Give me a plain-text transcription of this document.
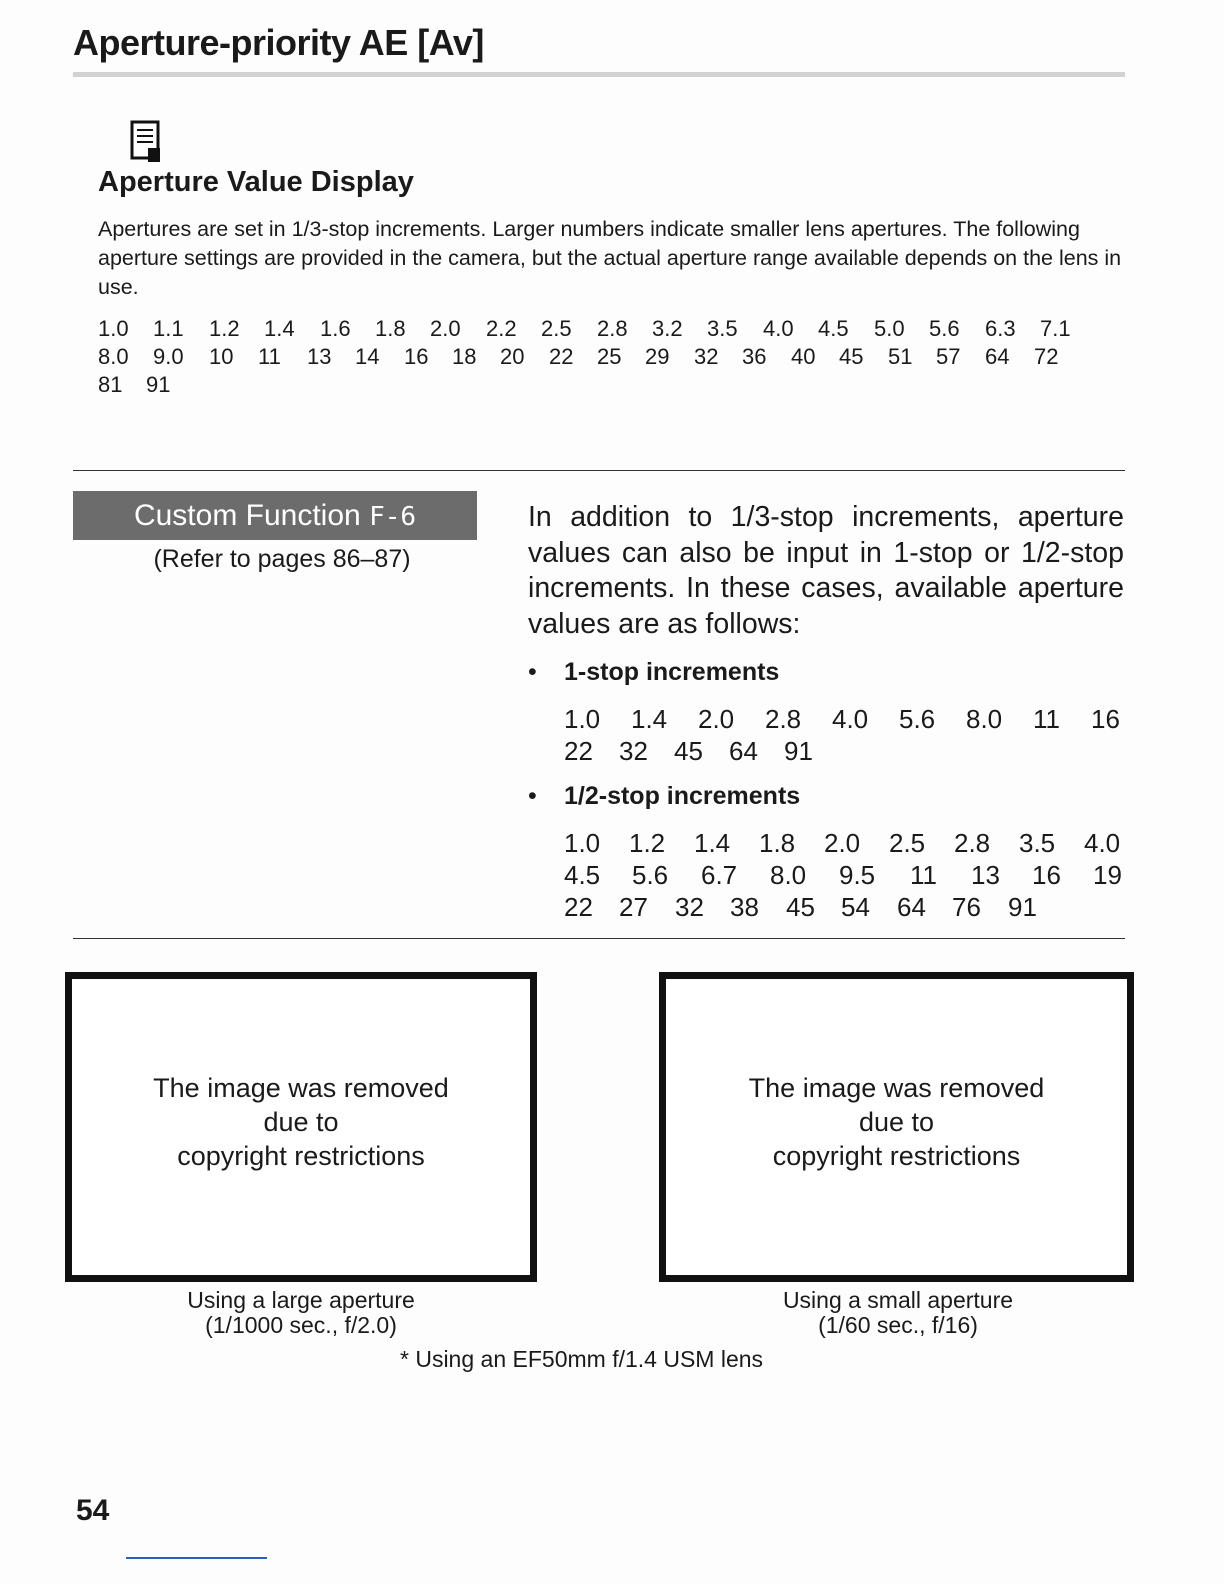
Aperture-priority AE [Av]
Aperture Value Display
Apertures are set in 1/3-stop increments. Larger numbers indicate smaller lens apertures. The following aperture settings are provided in the camera, but the actual aperture range available depends on the lens in use.
1.0 1.1 1.2 1.4 1.6 1.8 2.0 2.2 2.5 2.8 3.2 3.5 4.0 4.5 5.0 5.6 6.3 7.1
8.0 9.0 10 11 13 14 16 18 20 22 25 29 32 36 40 45 51 57 64 72
81 91
Custom Function F-6
(Refer to pages 86–87)
In addition to 1/3-stop increments, aperture values can also be input in 1-stop or 1/2-stop increments. In these cases, available aperture values are as follows:
• 1-stop increments
1.0 1.4 2.0 2.8 4.0 5.6 8.0 11 16
22 32 45 64 91
• 1/2-stop increments
1.0 1.2 1.4 1.8 2.0 2.5 2.8 3.5 4.0
4.5 5.6 6.7 8.0 9.5 11 13 16 19
22 27 32 38 45 54 64 76 91
The image was removed
due to
copyright restrictions
The image was removed
due to
copyright restrictions
Using a large aperture
(1/1000 sec., f/2.0)
Using a small aperture
(1/60 sec., f/16)
* Using an EF50mm f/1.4 USM lens
54
